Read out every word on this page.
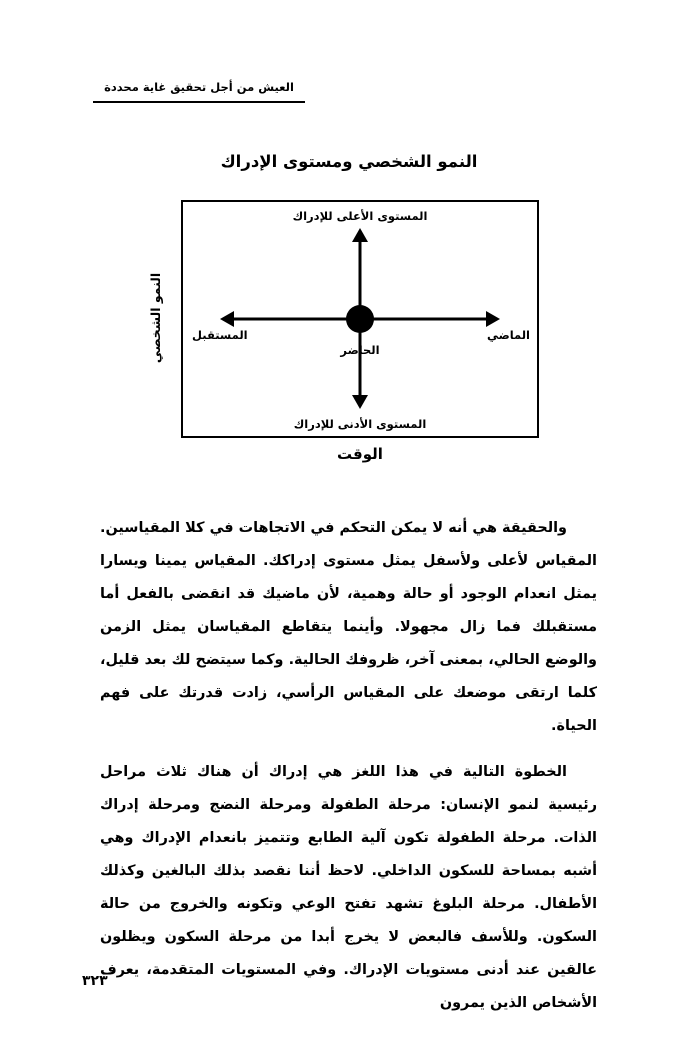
العيش من أجل تحقيق غاية محددة
النمو الشخصي ومستوى الإدراك
النمو الشخصي
المستوى الأعلى للإدراك
المستوى الأدنى للإدراك
الماضي
المستقبل
الحاضر
الوقت

والحقيقة هي أنه لا يمكن التحكم في الاتجاهات في كلا المقياسين. المقياس لأعلى ولأسفل يمثل مستوى إدراكك. المقياس يمينا ويسارا يمثل انعدام الوجود أو حالة وهمية، لأن ماضيك قد انقضى بالفعل أما مستقبلك فما زال مجهولا. وأينما يتقاطع المقياسان يمثل الزمن والوضع الحالي، بمعنى آخر، ظروفك الحالية. وكما سيتضح لك بعد قليل، كلما ارتقى موضعك على المقياس الرأسي، زادت قدرتك على فهم الحياة.

الخطوة التالية في هذا اللغز هي إدراك أن هناك ثلاث مراحل رئيسية لنمو الإنسان: مرحلة الطفولة ومرحلة النضج ومرحلة إدراك الذات. مرحلة الطفولة تكون آلية الطابع وتتميز بانعدام الإدراك وهي أشبه بمساحة للسكون الداخلي. لاحظ أننا نقصد بذلك البالغين وكذلك الأطفال. مرحلة البلوغ تشهد تفتح الوعي وتكونه والخروج من حالة السكون. وللأسف فالبعض لا يخرج أبدا من مرحلة السكون ويظلون عالقين عند أدنى مستويات الإدراك. وفي المستويات المتقدمة، يعرف الأشخاص الذين يمرون

٣٢٣
